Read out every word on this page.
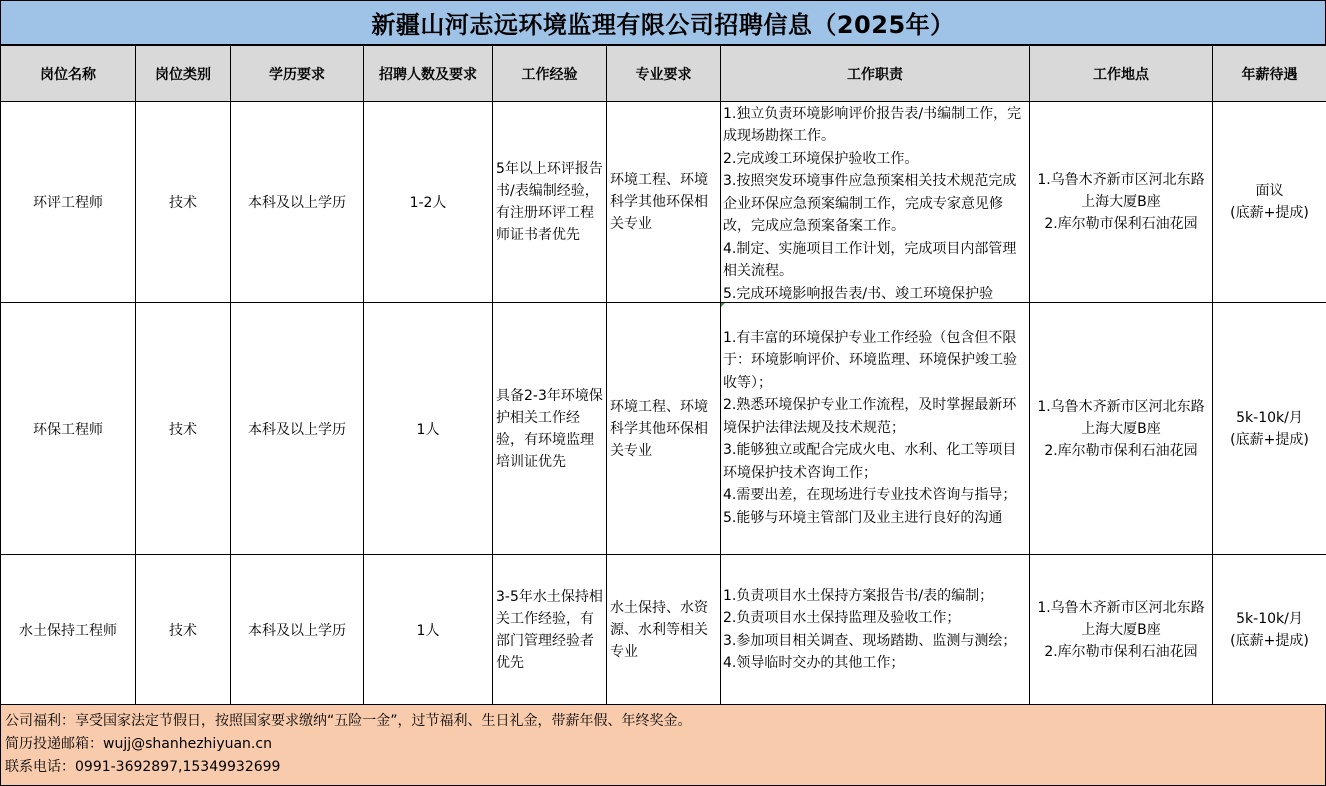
新疆山河志远环境监理有限公司招聘信息（2025年）
岗位名称	岗位类别	学历要求	招聘人数及要求	工作经验	专业要求	工作职责	工作地点	年薪待遇
环评工程师	技术	本科及以上学历	1-2人	5年以上环评报告书/表编制经验，有注册环评工程师证书者优先	环境工程、环境科学其他环保相关专业	1.独立负责环境影响评价报告表/书编制工作，完成现场勘探工作。
2.完成竣工环境保护验收工作。
3.按照突发环境事件应急预案相关技术规范完成企业环保应急预案编制工作，完成专家意见修改，完成应急预案备案工作。
4.制定、实施项目工作计划，完成项目内部管理相关流程。
5.完成环境影响报告表/书、竣工环境保护验	1.乌鲁木齐新市区河北东路上海大厦B座
2.库尔勒市保利石油花园	面议
(底薪+提成)

环保工程师	技术	本科及以上学历	1人	具备2-3年环境保护相关工作经验，有环境监理培训证优先	环境工程、环境科学其他环保相关专业	1.有丰富的环境保护专业工作经验（包含但不限于：环境影响评价、环境监理、环境保护竣工验收等）；
2.熟悉环境保护专业工作流程，及时掌握最新环境保护法律法规及技术规范；
3.能够独立或配合完成火电、水利、化工等项目环境保护技术咨询工作；
4.需要出差，在现场进行专业技术咨询与指导；
5.能够与环境主管部门及业主进行良好的沟通	1.乌鲁木齐新市区河北东路上海大厦B座
2.库尔勒市保利石油花园	5k-10k/月
(底薪+提成)

水土保持工程师	技术	本科及以上学历	1人	3-5年水土保持相关工作经验，有部门管理经验者优先	水土保持、水资源、水利等相关专业	1.负责项目水土保持方案报告书/表的编制；
2.负责项目水土保持监理及验收工作；
3.参加项目相关调查、现场踏勘、监测与测绘；
4.领导临时交办的其他工作；	1.乌鲁木齐新市区河北东路上海大厦B座
2.库尔勒市保利石油花园	5k-10k/月
(底薪+提成)
公司福利：享受国家法定节假日，按照国家要求缴纳“五险一金”，过节福利、生日礼金，带薪年假、年终奖金。
简历投递邮箱：wujj@shanhezhiyuan.cn
联系电话：0991-3692897,15349932699
